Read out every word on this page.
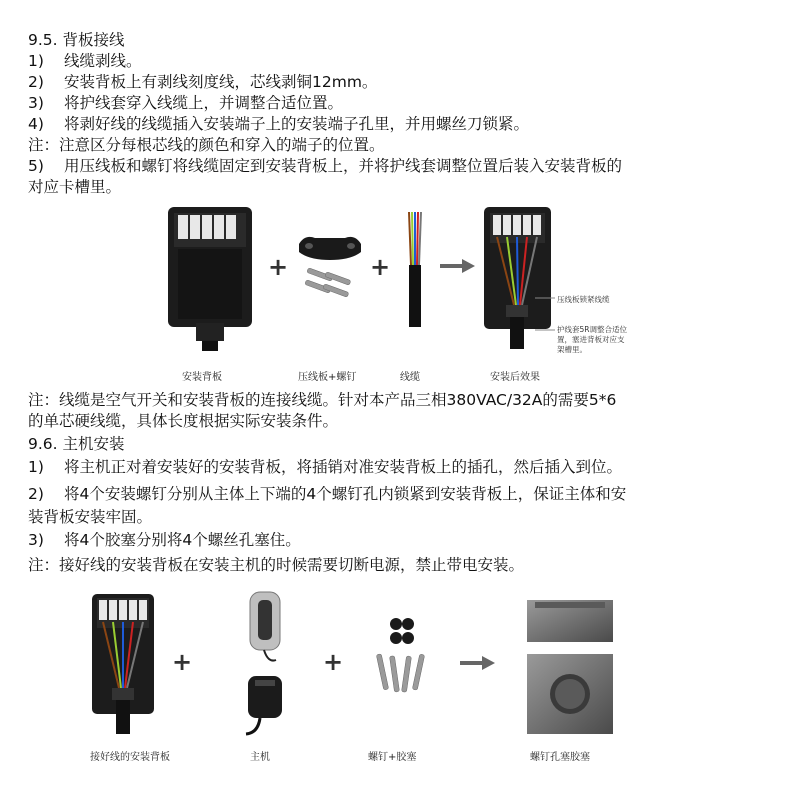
9.5. 背板接线
1) 线缆剥线。
2) 安装背板上有剥线刻度线，芯线剥铜12mm。
3) 将护线套穿入线缆上，并调整合适位置。
4) 将剥好线的线缆插入安装端子上的安装端子孔里，并用螺丝刀锁紧。
注：注意区分每根芯线的颜色和穿入的端子的位置。
5) 用压线板和螺钉将线缆固定到安装背板上，并将护线套调整位置后装入安装背板的
对应卡槽里。
安装背板
+
压线板+螺钉
+
线缆
压线板锁紧线缆
护线套5R调整合适位
置，塞进背板对应支
架槽里。
安装后效果
注：线缆是空气开关和安装背板的连接线缆。针对本产品三相380VAC/32A的需要5*6
的单芯硬线缆，具体长度根据实际安装条件。
9.6. 主机安装
1) 将主机正对着安装好的安装背板，将插销对准安装背板上的插孔，然后插入到位。
2) 将4个安装螺钉分别从主体上下端的4个螺钉孔内锁紧到安装背板上，保证主体和安
装背板安装牢固。
3) 将4个胶塞分别将4个螺丝孔塞住。
注：接好线的安装背板在安装主机的时候需要切断电源，禁止带电安装。
接好线的安装背板
+
主机
+
螺钉+胶塞	螺钉孔塞胶塞
